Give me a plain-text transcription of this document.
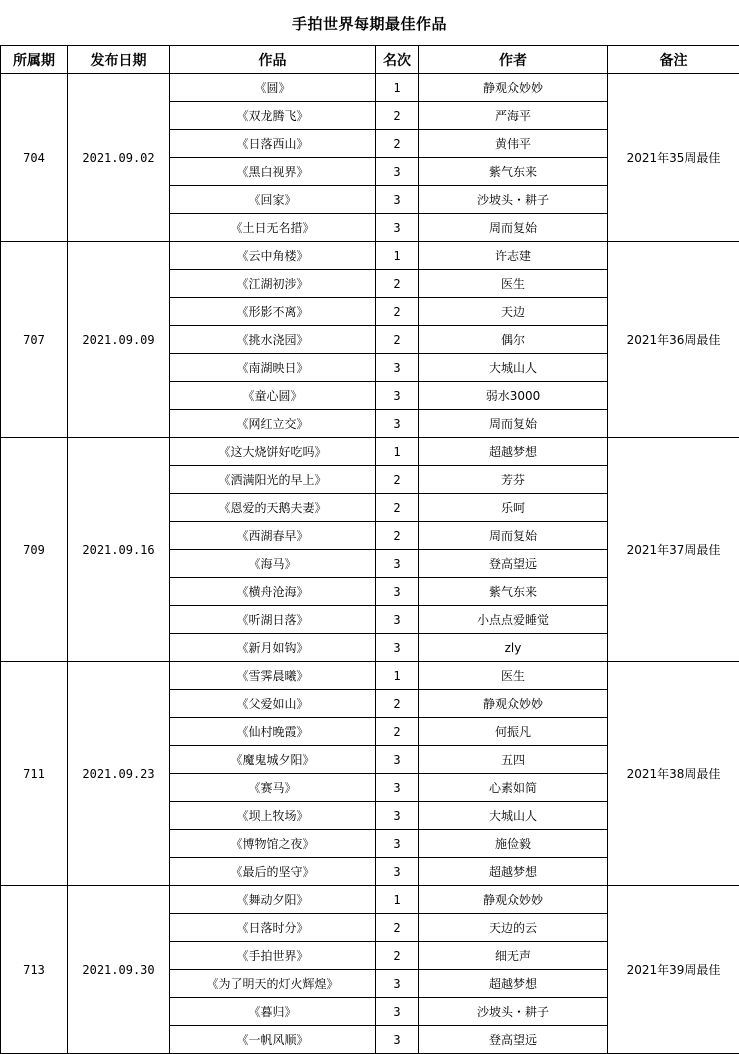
手拍世界每期最佳作品
所属期	发布日期	作品	名次	作者	备注
704	2021.09.02	《圆》	1	静观众妙妙	2021年35周最佳
		《双龙腾飞》	2	严海平	
		《日落西山》	2	黄伟平	
		《黑白视界》	3	紫气东来	
		《回家》	3	沙坡头・耕子	
		《土日无名措》	3	周而复始	
707	2021.09.09	《云中角楼》	1	许志建	2021年36周最佳
		《江湖初涉》	2	医生	
		《形影不离》	2	天边	
		《挑水浇园》	2	偶尔	
		《南湖映日》	3	大城山人	
		《童心圆》	3	弱水3000	
		《网红立交》	3	周而复始	
709	2021.09.16	《这大烧饼好吃吗》	1	超越梦想	2021年37周最佳
		《洒满阳光的早上》	2	芳芬	
		《恩爱的天鹅夫妻》	2	乐呵	
		《西湖春早》	2	周而复始	
		《海马》	3	登高望远	
		《横舟沧海》	3	紫气东来	
		《听湖日落》	3	小点点爱睡觉	
		《新月如钩》	3	zly	
711	2021.09.23	《雪霁晨曦》	1	医生	2021年38周最佳
		《父爱如山》	2	静观众妙妙	
		《仙村晚霞》	2	何振凡	
		《魔鬼城夕阳》	3	五四	
		《赛马》	3	心素如简	
		《坝上牧场》	3	大城山人	
		《博物馆之夜》	3	施俭毅	
		《最后的坚守》	3	超越梦想	
713	2021.09.30	《舞动夕阳》	1	静观众妙妙	2021年39周最佳
		《日落时分》	2	天边的云	
		《手拍世界》	2	细无声	
		《为了明天的灯火辉煌》	3	超越梦想	
		《暮归》	3	沙坡头・耕子	
		《一帆风顺》	3	登高望远	
